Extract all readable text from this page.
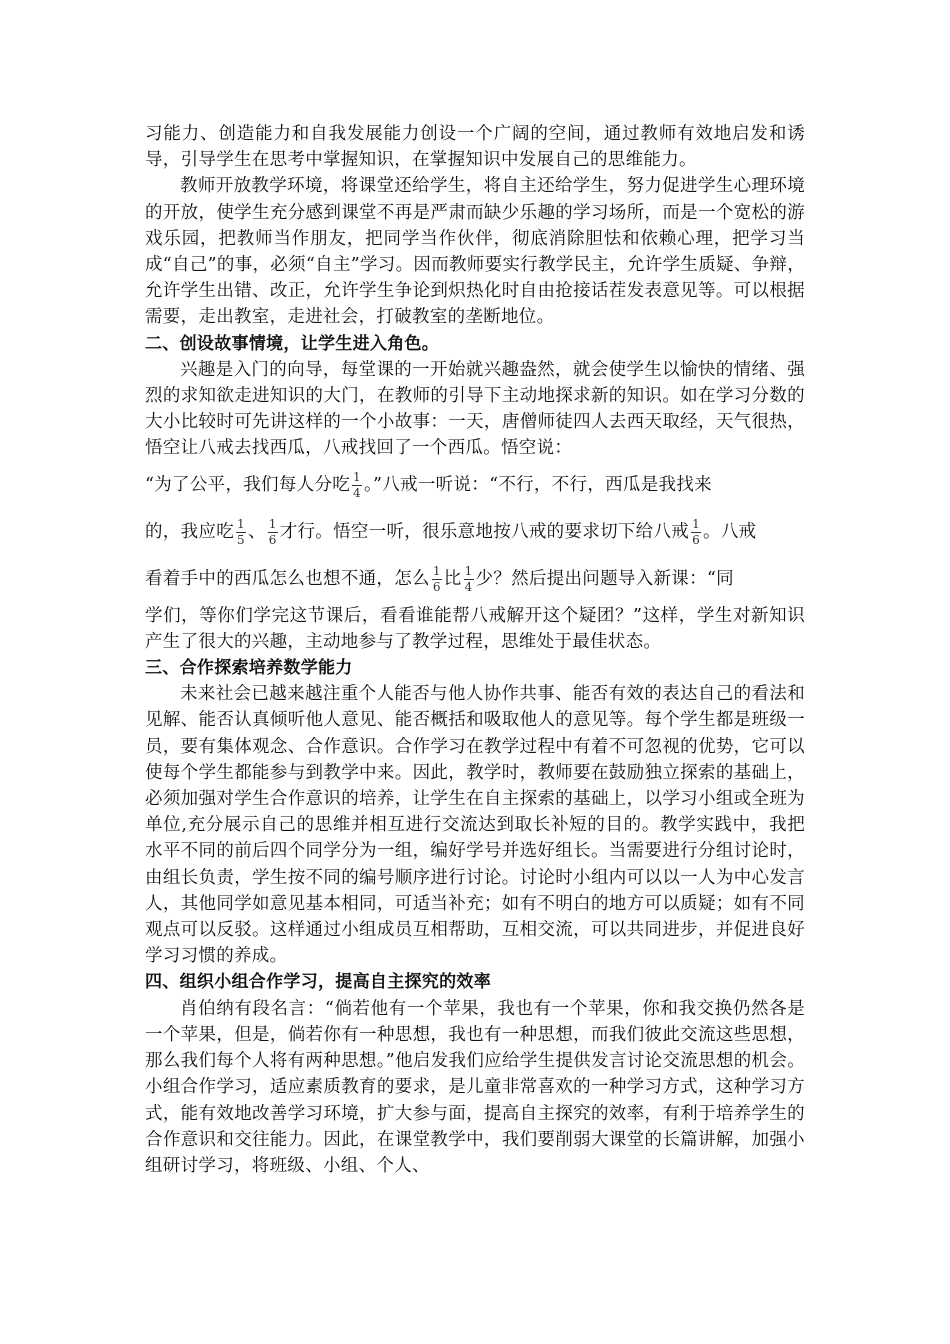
习能力、创造能力和自我发展能力创设一个广阔的空间，通过教师有效地启发和诱导，引导学生在思考中掌握知识，在掌握知识中发展自己的思维能力。

教师开放教学环境，将课堂还给学生，将自主还给学生，努力促进学生心理环境的开放，使学生充分感到课堂不再是严肃而缺少乐趣的学习场所，而是一个宽松的游戏乐园，把教师当作朋友，把同学当作伙伴，彻底消除胆怯和依赖心理，把学习当成“自己”的事，必须“自主”学习。因而教师要实行教学民主，允许学生质疑、争辩，允许学生出错、改正，允许学生争论到炽热化时自由抢接话茬发表意见等。可以根据需要，走出教室，走进社会，打破教室的垄断地位。

二、创设故事情境，让学生进入角色。

兴趣是入门的向导，每堂课的一开始就兴趣盎然，就会使学生以愉快的情绪、强烈的求知欲走进知识的大门，在教师的引导下主动地探求新的知识。如在学习分数的大小比较时可先讲这样的一个小故事：一天，唐僧师徒四人去西天取经，天气很热，悟空让八戒去找西瓜，八戒找回了一个西瓜。悟空说：

“为了公平，我们每人分吃 $\frac{1}{4}$ 。”八戒一听说：“不行，不行，西瓜是我找来

的，我应吃 $\frac{1}{5}$ 、 $\frac{1}{6}$ 才行。悟空一听，很乐意地按八戒的要求切下给八戒 $\frac{1}{6}$ 。八戒

看着手中的西瓜怎么也想不通，怎么 $\frac{1}{6}$ 比 $\frac{1}{4}$ 少？然后提出问题导入新课：“同

学们，等你们学完这节课后，看看谁能帮八戒解开这个疑团？”这样，学生对新知识产生了很大的兴趣，主动地参与了教学过程，思维处于最佳状态。

三、合作探索培养数学能力

未来社会已越来越注重个人能否与他人协作共事、能否有效的表达自己的看法和见解、能否认真倾听他人意见、能否概括和吸取他人的意见等。每个学生都是班级一员，要有集体观念、合作意识。合作学习在教学过程中有着不可忽视的优势，它可以使每个学生都能参与到教学中来。因此，教学时，教师要在鼓励独立探索的基础上，必须加强对学生合作意识的培养，让学生在自主探索的基础上，以学习小组或全班为单位,充分展示自己的思维并相互进行交流达到取长补短的目的。教学实践中，我把水平不同的前后四个同学分为一组，编好学号并选好组长。当需要进行分组讨论时，由组长负责，学生按不同的编号顺序进行讨论。讨论时小组内可以以一人为中心发言人，其他同学如意见基本相同，可适当补充；如有不明白的地方可以质疑；如有不同观点可以反驳。这样通过小组成员互相帮助，互相交流，可以共同进步，并促进良好学习习惯的养成。

四、组织小组合作学习，提高自主探究的效率

肖伯纳有段名言：“倘若他有一个苹果，我也有一个苹果，你和我交换仍然各是一个苹果，但是，倘若你有一种思想，我也有一种思想，而我们彼此交流这些思想，那么我们每个人将有两种思想。”他启发我们应给学生提供发言讨论交流思想的机会。小组合作学习，适应素质教育的要求，是儿童非常喜欢的一种学习方式，这种学习方式，能有效地改善学习环境，扩大参与面，提高自主探究的效率，有利于培养学生的合作意识和交往能力。因此，在课堂教学中，我们要削弱大课堂的长篇讲解，加强小组研讨学习，将班级、小组、个人、
